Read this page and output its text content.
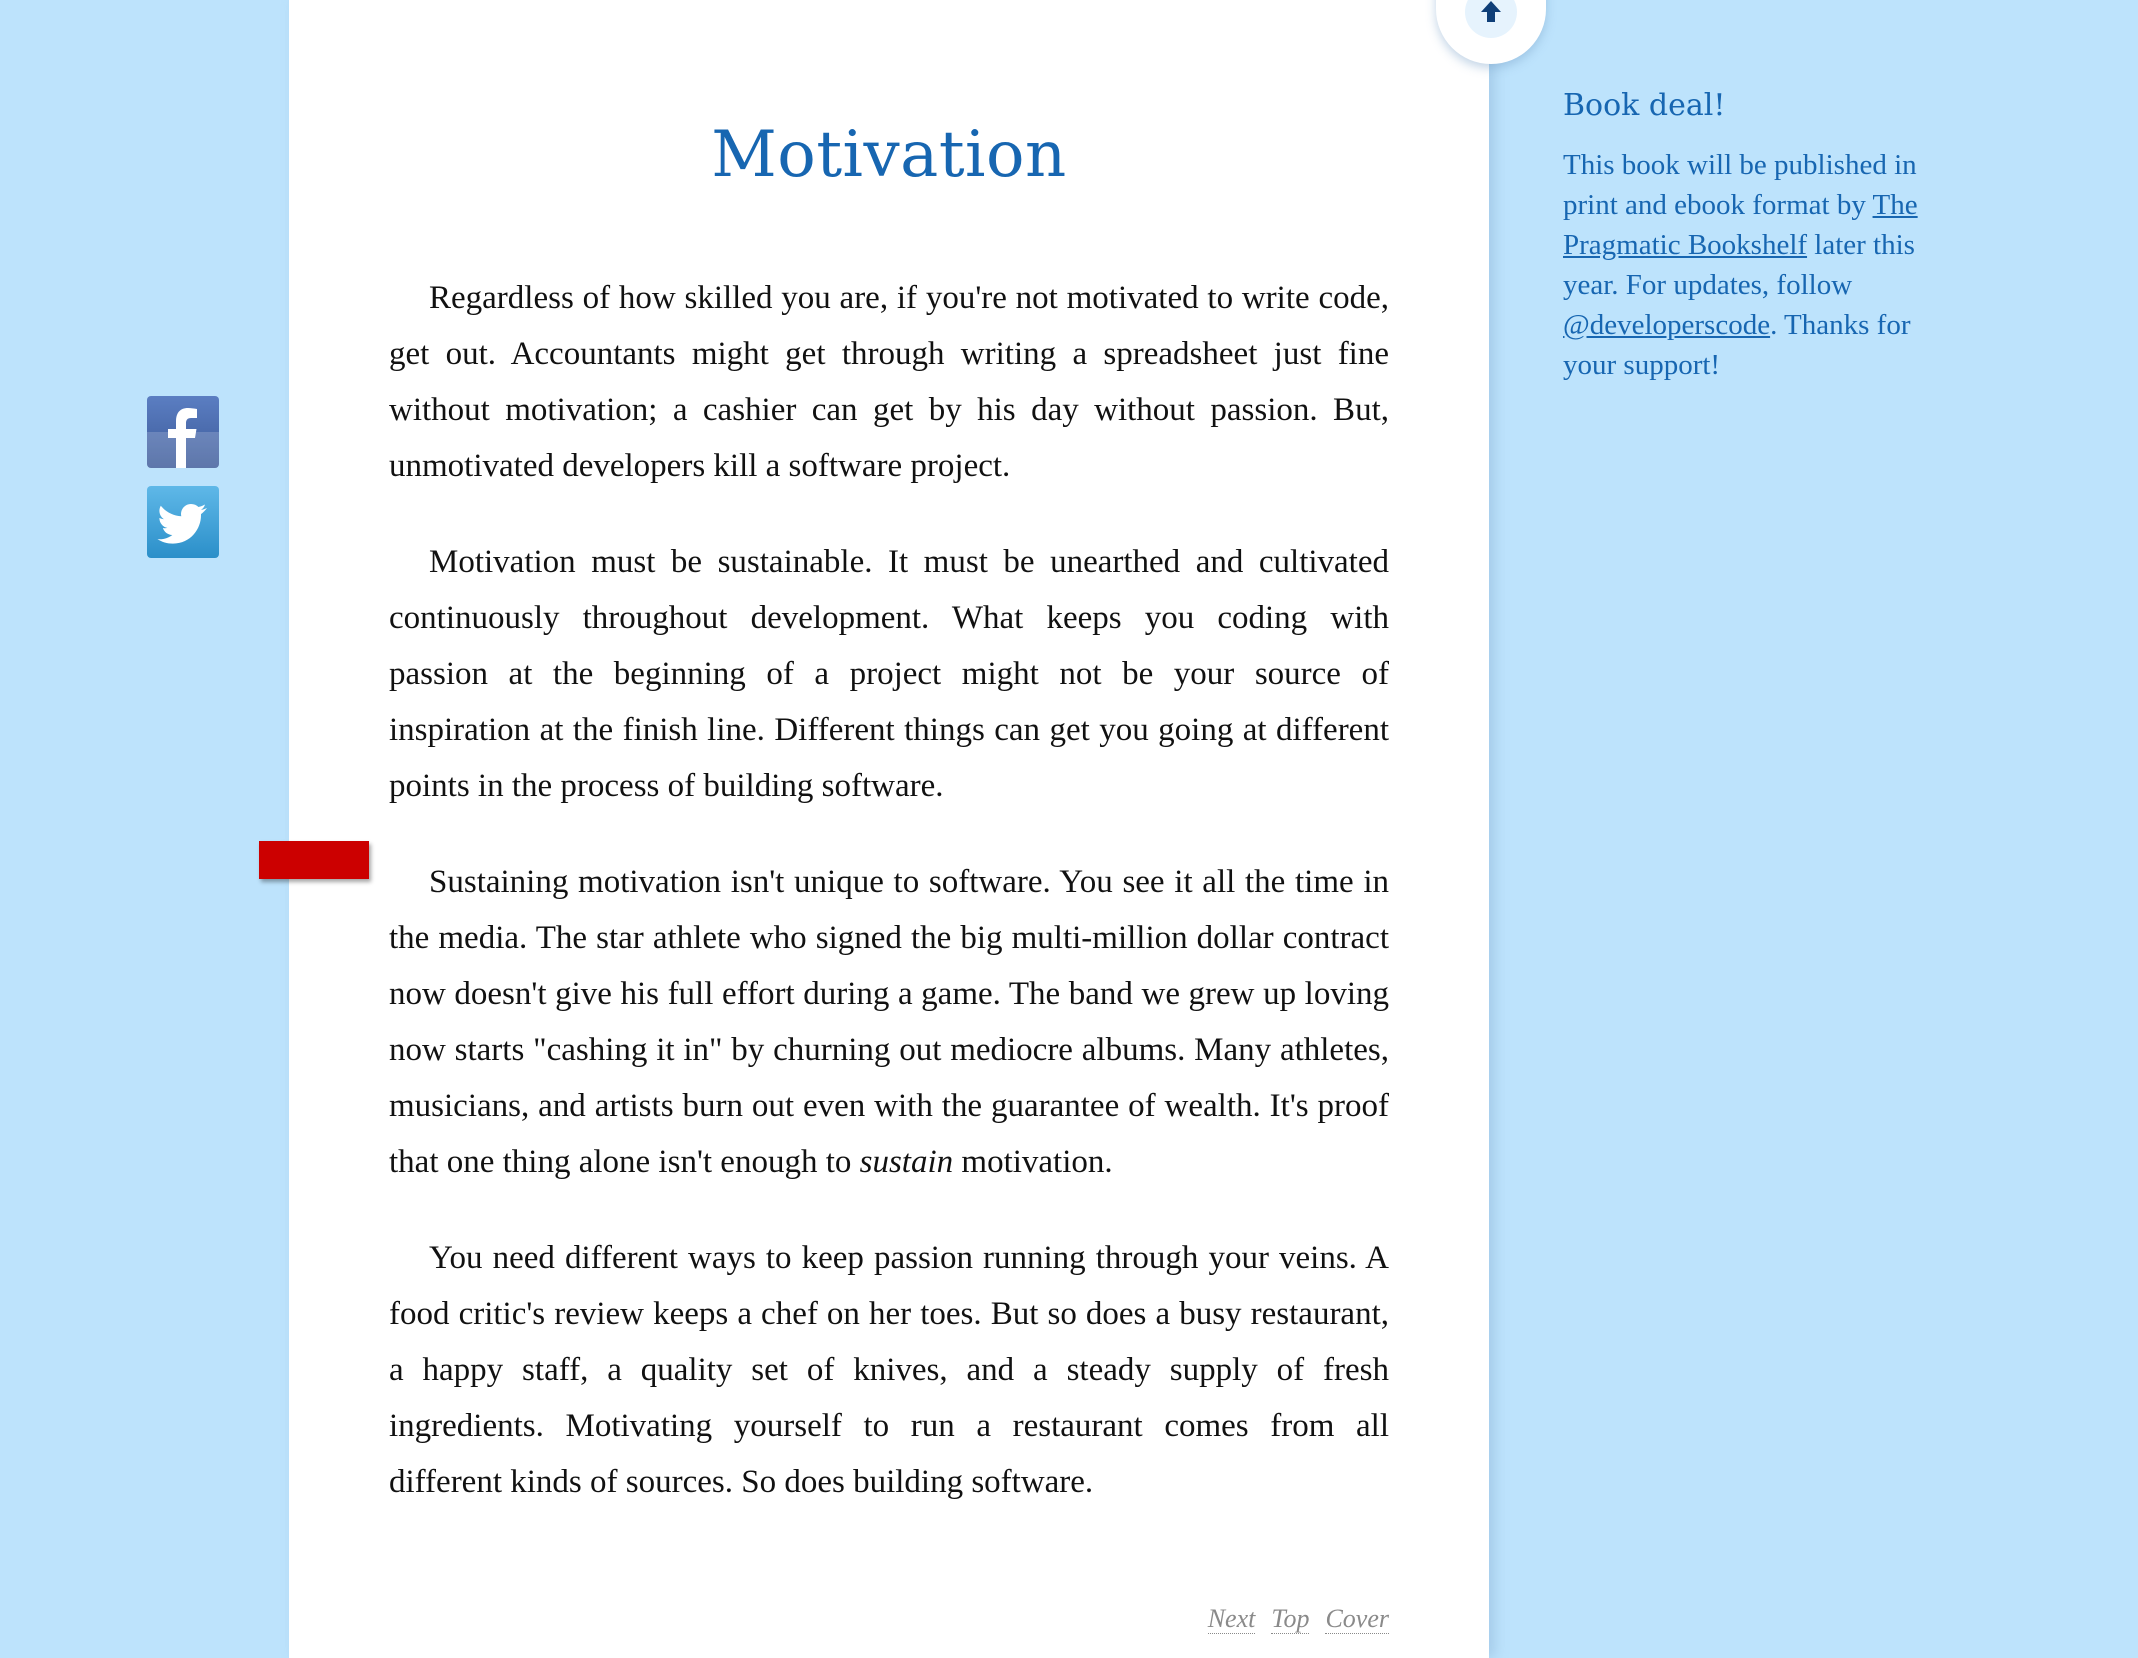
Motivation

Regardless of how skilled you are, if you're not motivated to write code, get out. Accountants might get through writing a spreadsheet just fine without motivation; a cashier can get by his day without passion. But, unmotivated developers kill a software project.

Motivation must be sustainable. It must be unearthed and cultivated continuously throughout development. What keeps you coding with passion at the beginning of a project might not be your source of inspiration at the finish line. Different things can get you going at different points in the process of building software.

Sustaining motivation isn't unique to software. You see it all the time in the media. The star athlete who signed the big multi-million dollar contract now doesn't give his full effort during a game. The band we grew up loving now starts "cashing it in" by churning out mediocre albums. Many athletes, musicians, and artists burn out even with the guarantee of wealth. It's proof that one thing alone isn't enough to sustain motivation.

You need different ways to keep passion running through your veins. A food critic's review keeps a chef on her toes. But so does a busy restaurant, a happy staff, a quality set of knives, and a steady supply of fresh ingredients. Motivating yourself to run a restaurant comes from all different kinds of sources. So does building software.

Next Top Cover
Book deal!

This book will be published in print and ebook format by The Pragmatic Bookshelf later this year. For updates, follow @developerscode. Thanks for your support!
